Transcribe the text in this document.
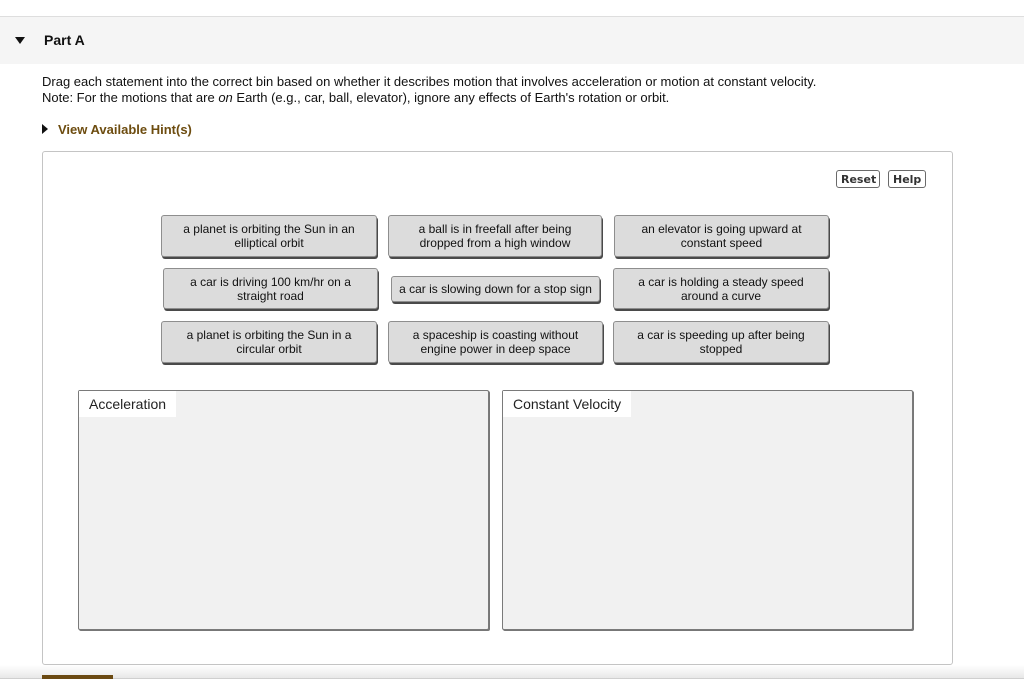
Part A

Drag each statement into the correct bin based on whether it describes motion that involves acceleration or motion at constant velocity.

Note: For the motions that are on Earth (e.g., car, ball, elevator), ignore any effects of Earth's rotation or orbit.

View Available Hint(s)
Reset	Help
a planet is orbiting the Sun in an elliptical orbit
a ball is in freefall after being dropped from a high window
an elevator is going upward at constant speed
a car is driving 100 km/hr on a straight road	a car is slowing down for a stop sign
a car is holding a steady speed around a curve
a planet is orbiting the Sun in a circular orbit
a spaceship is coasting without engine power in deep space
a car is speeding up after being stopped
Acceleration	Constant Velocity
